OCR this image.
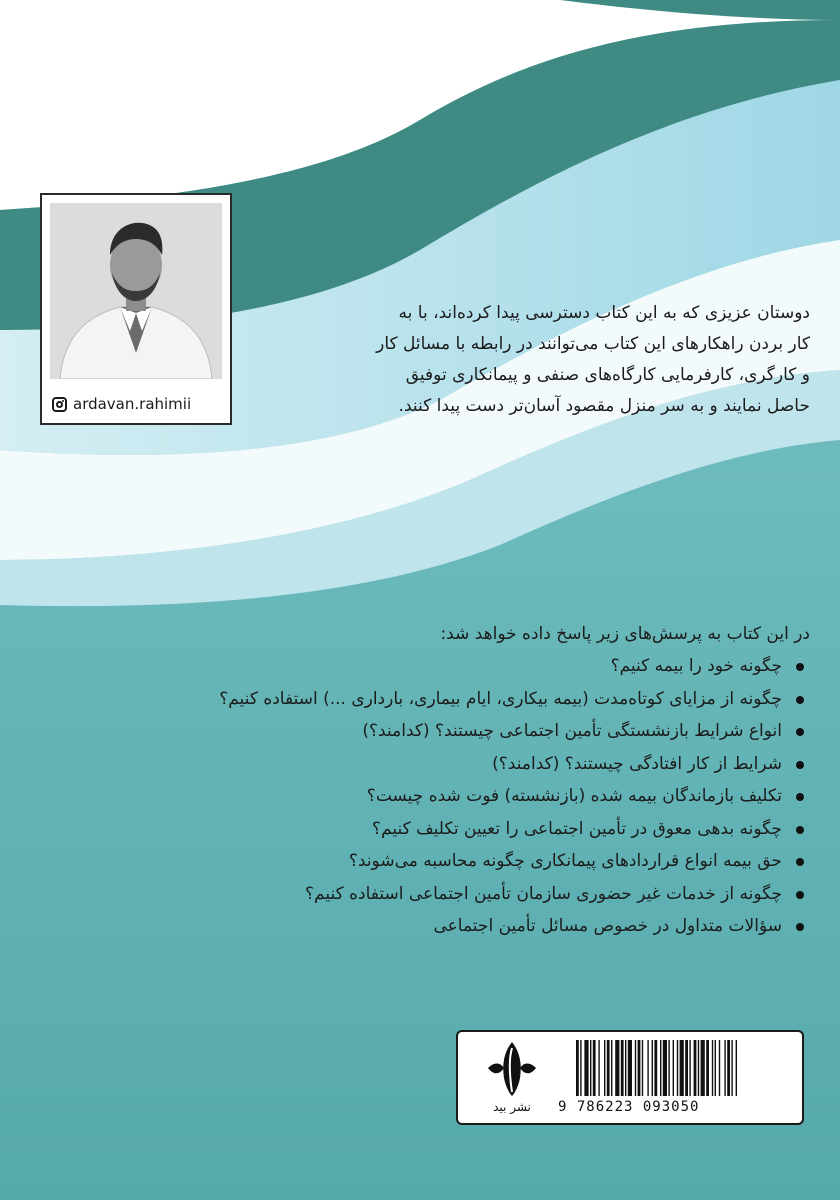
ardavan.rahimii

دوستان عزیزی که به این کتاب دسترسی پیدا کرده‌اند، با به

کار بردن راهکارهای این کتاب می‌توانند در رابطه با مسائل کار

و کارگری، کارفرمایی کارگاه‌های صنفی و پیمانکاری توفیق

حاصل نمایند و به سر منزل مقصود آسان‌تر دست پیدا کنند.

در این کتاب به پرسش‌های زیر پاسخ داده خواهد شد:
چگونه خود را بیمه کنیم؟
چگونه از مزایای کوتاه‌مدت (بیمه بیکاری، ایام بیماری، بارداری ...) استفاده کنیم؟
انواع شرایط بازنشستگی تأمین اجتماعی چیستند؟ (کدامند؟)
شرایط از کار افتادگی چیستند؟ (کدامند؟)
تکلیف بازماندگان بیمه شده (بازنشسته) فوت شده چیست؟
چگونه بدهی معوق در تأمین اجتماعی را تعیین تکلیف کنیم؟
حق بیمه انواع قراردادهای پیمانکاری چگونه محاسبه می‌شوند؟
چگونه از خدمات غیر حضوری سازمان تأمین اجتماعی استفاده کنیم؟
سؤالات متداول در خصوص مسائل تأمین اجتماعی
نشر بید	9 786223 093050
